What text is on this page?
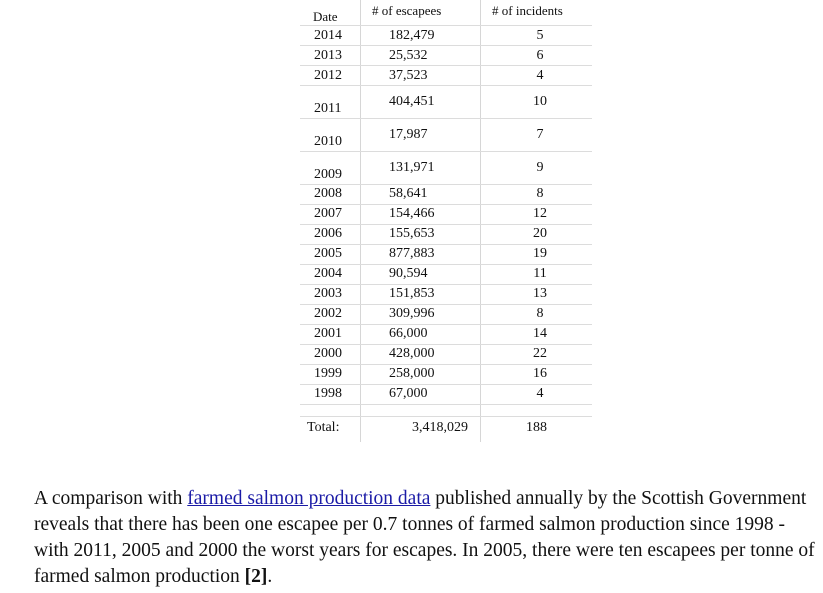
Date	# of escapees	# of incidents
2014	182,479	5
2013	25,532	6
2012	37,523	4
2011	404,451	10
2010	17,987	7
2009	131,971	9
2008	58,641	8
2007	154,466	12
2006	155,653	20
2005	877,883	19
2004	90,594	11
2003	151,853	13
2002	309,996	8
2001	66,000	14
2000	428,000	22
1999	258,000	16
1998	67,000	4
Total:	3,418,029	188

A comparison with farmed salmon production data published annually by the Scottish Government reveals that there has been one escapee per 0.7 tonnes of farmed salmon production since 1998 - with 2011, 2005 and 2000 the worst years for escapes. In 2005, there were ten escapees per tonne of farmed salmon production [2].
